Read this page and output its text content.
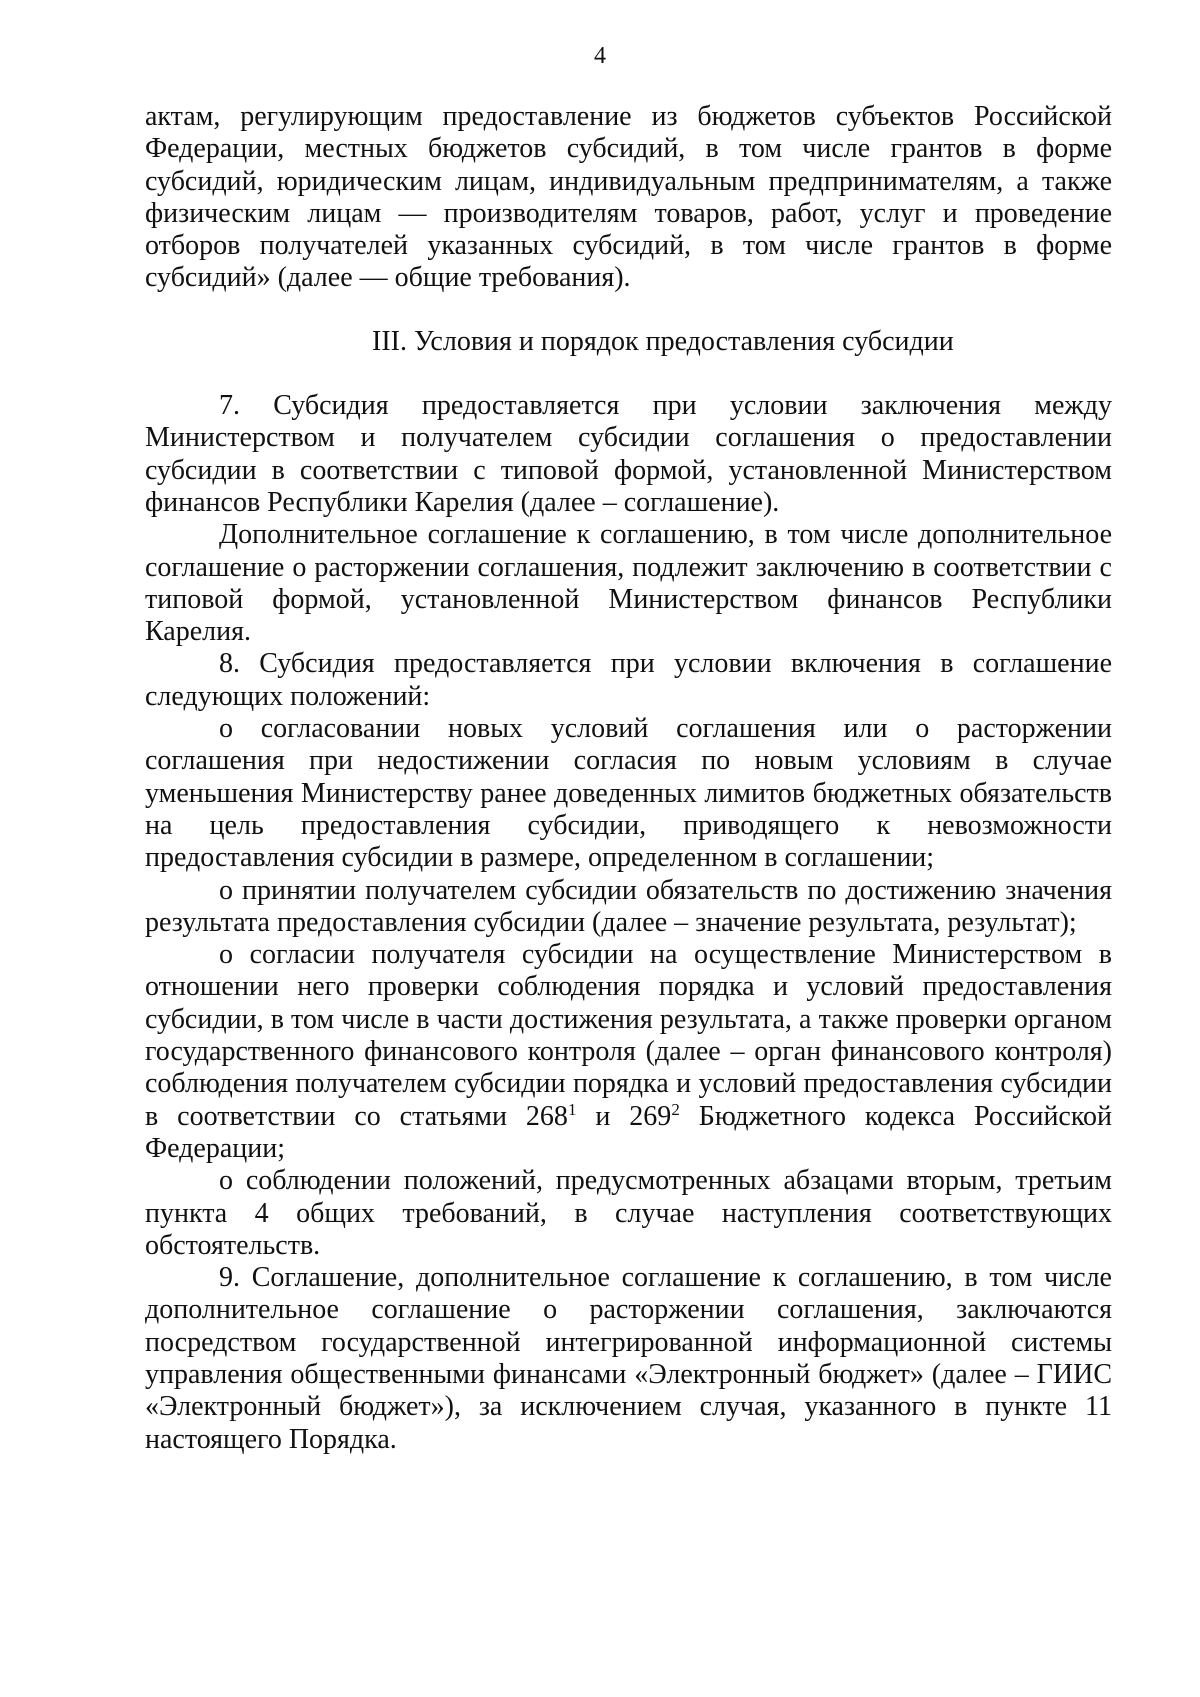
4

актам, регулирующим предоставление из бюджетов субъектов Российской Федерации, местных бюджетов субсидий, в том числе грантов в форме субсидий, юридическим лицам, индивидуальным предпринимателям, а также физическим лицам — производителям товаров, работ, услуг и проведение отборов получателей указанных субсидий, в том числе грантов в форме субсидий» (далее — общие требования).

III. Условия и порядок предоставления субсидии

7. Субсидия предоставляется при условии заключения между Министерством и получателем субсидии соглашения о предоставлении субсидии в соответствии с типовой формой, установленной Министерством финансов Республики Карелия (далее – соглашение).

Дополнительное соглашение к соглашению, в том числе дополнительное соглашение о расторжении соглашения, подлежит заключению в соответствии с типовой формой, установленной Министерством финансов Республики Карелия.

8. Субсидия предоставляется при условии включения в соглашение следующих положений:

о согласовании новых условий соглашения или о расторжении соглашения при недостижении согласия по новым условиям в случае уменьшения Министерству ранее доведенных лимитов бюджетных обязательств на цель предоставления субсидии, приводящего к невозможности предоставления субсидии в размере, определенном в соглашении;

о принятии получателем субсидии обязательств по достижению значения результата предоставления субсидии (далее – значение результата, результат);

о согласии получателя субсидии на осуществление Министерством в отношении него проверки соблюдения порядка и условий предоставления субсидии, в том числе в части достижения результата, а также проверки органом государственного финансового контроля (далее – орган финансового контроля) соблюдения получателем субсидии порядка и условий предоставления субсидии в соответствии со статьями $268^1$ и $269^2$ Бюджетного кодекса Российской Федерации;

о соблюдении положений, предусмотренных абзацами вторым, третьим пункта 4 общих требований, в случае наступления соответствующих обстоятельств.

9. Соглашение, дополнительное соглашение к соглашению, в том числе дополнительное соглашение о расторжении соглашения, заключаются посредством государственной интегрированной информационной системы управления общественными финансами «Электронный бюджет» (далее – ГИИС «Электронный бюджет»), за исключением случая, указанного в пункте 11 настоящего Порядка.
